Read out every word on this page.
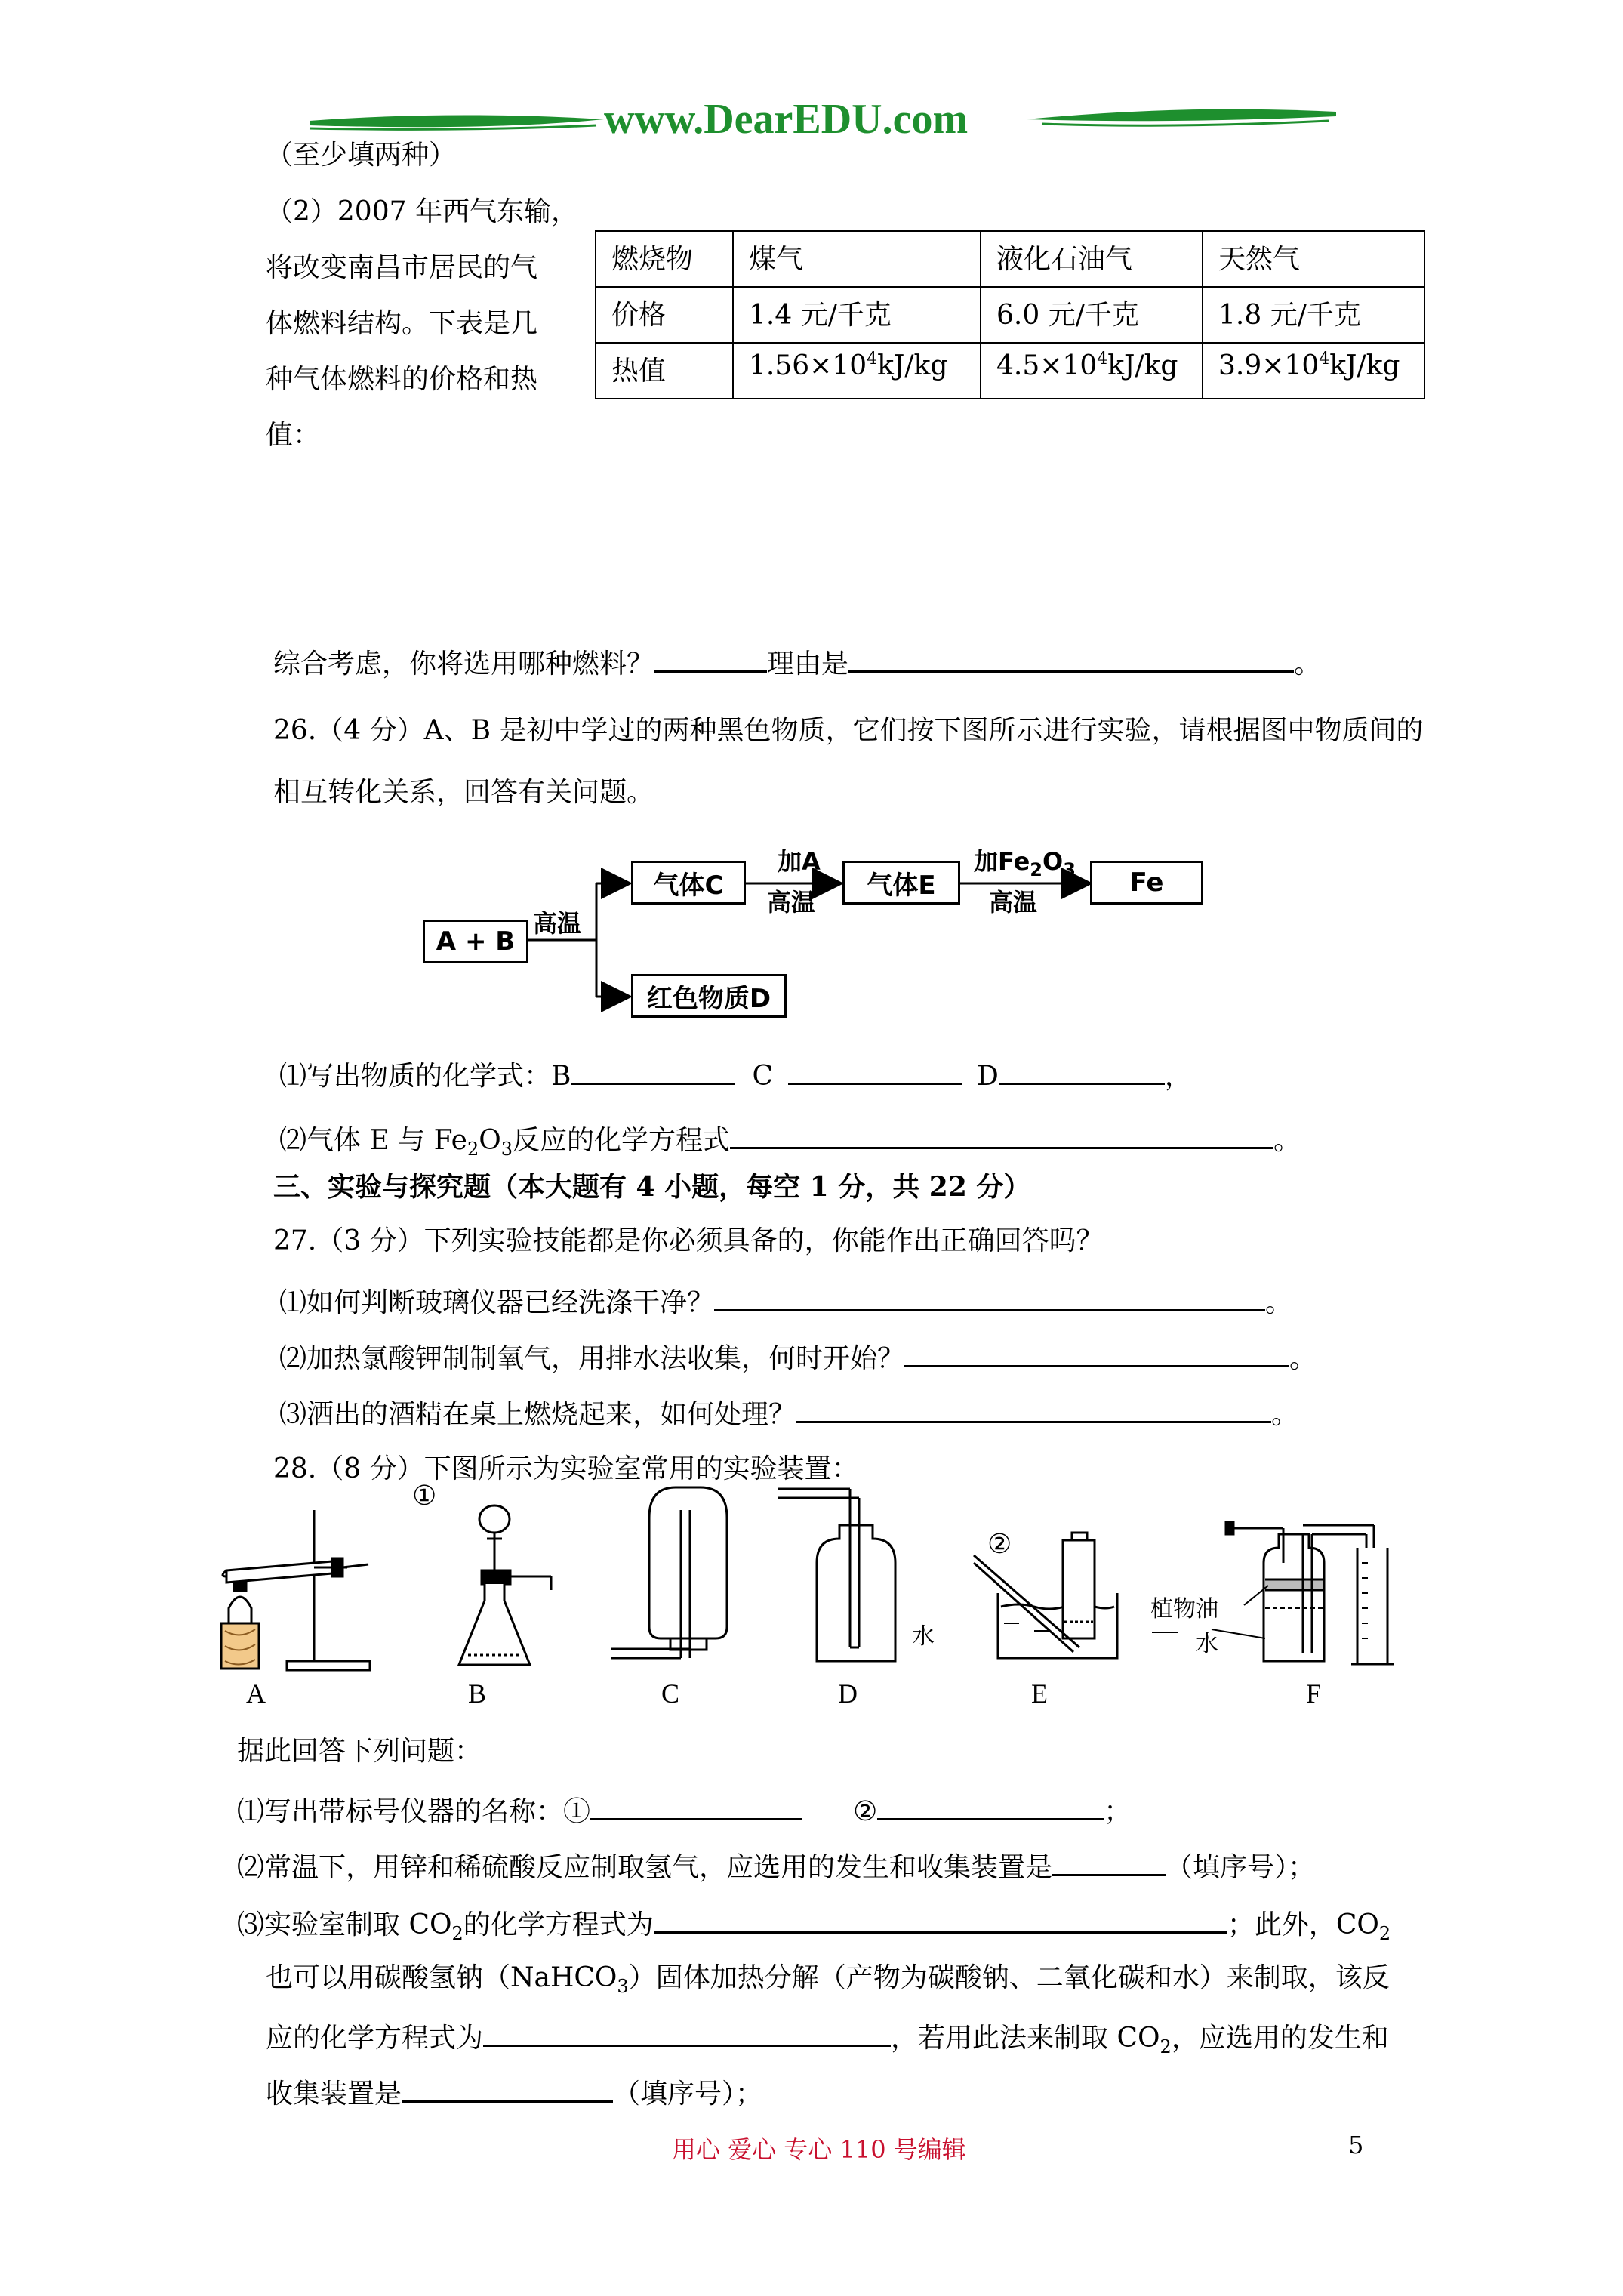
www.DearEDU.com
（至少填两种）
（2）2007 年西气东输，
将改变南昌市居民的气
体燃料结构。下表是几
种气体燃料的价格和热
值：
燃烧物	煤气	液化石油气	天然气
价格	1.4 元/千克	6.0 元/千克	1.8 元/千克
热值	$1.56\times 10^4kJ/kg$	$4.5\times 10^4kJ/kg$	$3.9\times 10^4kJ/kg$
综合考虑，你将选用哪种燃料？	理由是	。
26.（4 分）A、B 是初中学过的两种黑色物质，它们按下图所示进行实验，请根据图中物质间的
相互转化关系，回答有关问题。
A + B
高温
气体C
加A
高温
气体E
加$Fe_2O_3$
高温
Fe
红色物质D
⑴写出物质的化学式：B	C	D	，
⑵气体 E 与 $Fe_2O_3$反应的化学方程式	。
三、实验与探究题（本大题有 4 小题，每空 1 分，共 22 分）
27.（3 分）下列实验技能都是你必须具备的，你能作出正确回答吗？
⑴如何判断玻璃仪器已经洗涤干净？	。
⑵加热氯酸钾制制氧气，用排水法收集，何时开始？	。
⑶洒出的酒精在桌上燃烧起来，如何处理？	。
28.（8 分）下图所示为实验室常用的实验装置：
①
②
水
植物油
水
A	B	C	D	E	F
据此回答下列问题：
⑴写出带标号仪器的名称：①	②	；
⑵常温下，用锌和稀硫酸反应制取氢气，应选用的发生和收集装置是	（填序号）；
⑶实验室制取 $CO_2$的化学方程式为	；此外，$CO_2$
也可以用碳酸氢钠（NaHCO$_3$）固体加热分解（产物为碳酸钠、二氧化碳和水）来制取，该反
应的化学方程式为	，若用此法来制取 $CO_2$，应选用的发生和
收集装置是	（填序号）；
用心 爱心 专心 110 号编辑	5
